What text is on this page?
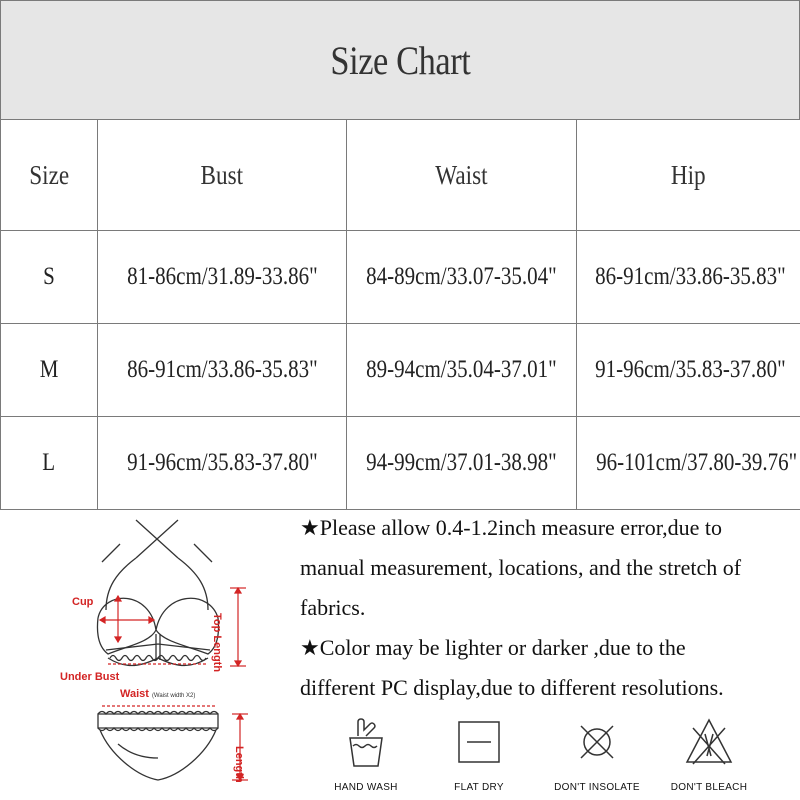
Size Chart
Size	Bust	Waist	Hip
S	81-86cm/31.89-33.86"	84-89cm/33.07-35.04"	86-91cm/33.86-35.83"
M	86-91cm/33.86-35.83"	89-94cm/35.04-37.01"	91-96cm/35.83-37.80"
L	91-96cm/35.83-37.80"	94-99cm/37.01-38.98"	96-101cm/37.80-39.76"
Cup
Under Bust
Waist (Waist width X2)
Top Length
Length

★Please allow 0.4-1.2inch measure error,due to
manual measurement, locations, and the stretch of
fabrics.

★Color may be lighter or darker ,due to the
different PC display,due to different resolutions.

HAND WASH	FLAT DRY	DON'T INSOLATE	DON'T BLEACH
